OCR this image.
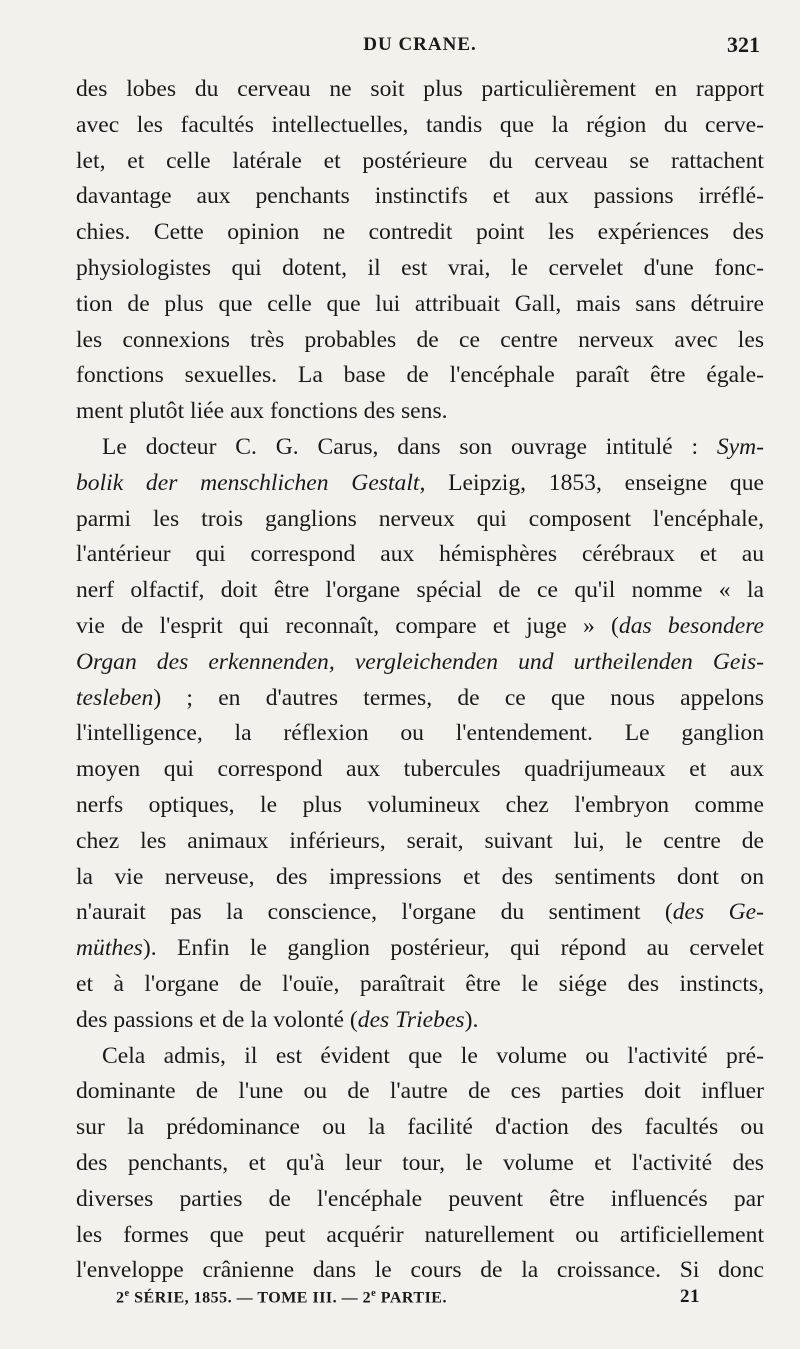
DU CRANE.	321
des lobes du cerveau ne soit plus particulièrement en rapport
avec les facultés intellectuelles, tandis que la région du cerve-
let, et celle latérale et postérieure du cerveau se rattachent
davantage aux penchants instinctifs et aux passions irréflé-
chies. Cette opinion ne contredit point les expériences des
physiologistes qui dotent, il est vrai, le cervelet d'une fonc-
tion de plus que celle que lui attribuait Gall, mais sans détruire
les connexions très probables de ce centre nerveux avec les
fonctions sexuelles. La base de l'encéphale paraît être égale-
ment plutôt liée aux fonctions des sens.
Le docteur C. G. Carus, dans son ouvrage intitulé : Sym-
bolik der menschlichen Gestalt, Leipzig, 1853, enseigne que
parmi les trois ganglions nerveux qui composent l'encéphale,
l'antérieur qui correspond aux hémisphères cérébraux et au
nerf olfactif, doit être l'organe spécial de ce qu'il nomme « la
vie de l'esprit qui reconnaît, compare et juge » (das besondere
Organ des erkennenden, vergleichenden und urtheilenden Geis-
tesleben) ; en d'autres termes, de ce que nous appelons
l'intelligence, la réflexion ou l'entendement. Le ganglion
moyen qui correspond aux tubercules quadrijumeaux et aux
nerfs optiques, le plus volumineux chez l'embryon comme
chez les animaux inférieurs, serait, suivant lui, le centre de
la vie nerveuse, des impressions et des sentiments dont on
n'aurait pas la conscience, l'organe du sentiment (des Ge-
müthes). Enfin le ganglion postérieur, qui répond au cervelet
et à l'organe de l'ouïe, paraîtrait être le siége des instincts,
des passions et de la volonté (des Triebes).
Cela admis, il est évident que le volume ou l'activité pré-
dominante de l'une ou de l'autre de ces parties doit influer
sur la prédominance ou la facilité d'action des facultés ou
des penchants, et qu'à leur tour, le volume et l'activité des
diverses parties de l'encéphale peuvent être influencés par
les formes que peut acquérir naturellement ou artificiellement
l'enveloppe crânienne dans le cours de la croissance. Si donc
2e SÉRIE, 1855. — TOME III. — 2e PARTIE.	21
